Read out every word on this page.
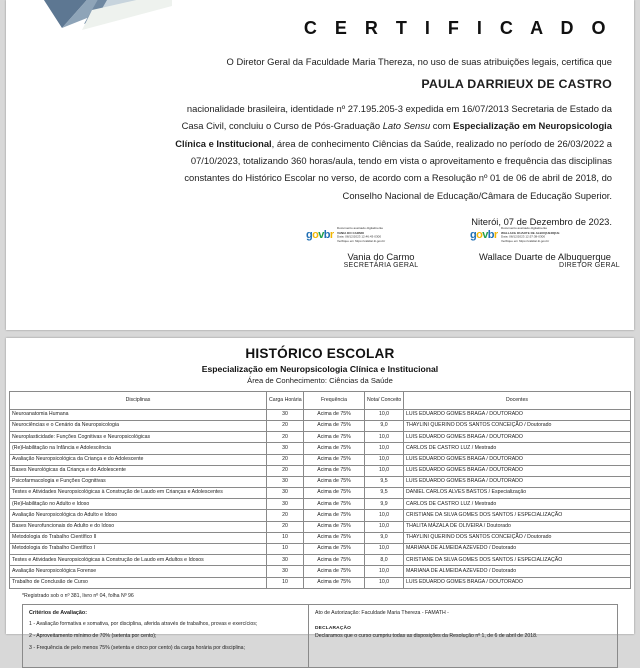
C E R T I F I C A D O
O Diretor Geral da Faculdade Maria Thereza, no uso de suas atribuições legais, certifica que
PAULA DARRIEUX DE CASTRO
nacionalidade brasileira, identidade nº 27.195.205-3 expedida em 16/07/2013 Secretaria de Estado da Casa Civil, concluiu o Curso de Pós-Graduação Lato Sensu com Especialização em Neuropsicologia Clínica e Institucional, área de conhecimento Ciências da Saúde, realizado no período de 26/03/2022 a 07/10/2023, totalizando 360 horas/aula, tendo em vista o aproveitamento e frequência das disciplinas constantes do Histórico Escolar no verso, de acordo com a Resolução nº 01 de 06 de abril de 2018, do Conselho Nacional de Educação/Câmara de Educação Superior.
Niterói, 07 de Dezembro de 2023.
govbr
Documento assinado digitalmente
VANIA DO CARMO
Data: 08/12/2023 12:46:43-0300
Verifique em https://validar.iti.gov.br
Vania do Carmo
SECRETÁRIA GERAL
govbr
Documento assinado digitalmente
WALLACE DUARTE DE ALBUQUERQUE
Data: 08/12/2023 12:57:38-0300
Verifique em https://validar.iti.gov.br
Wallace Duarte de Albuquerque
DIRETOR GERAL
HISTÓRICO ESCOLAR
Especialização em Neuropsicologia Clínica e Institucional
Área de Conhecimento: Ciências da Saúde
Disciplinas	Carga Horária	Frequência	Nota/ Conceito	Docentes
Neuroanatomia Humana	30	Acima de 75%	10,0	LUIS EDUARDO GOMES BRAGA / DOUTORADO
Neurociências e o Cenário da Neuropsicologia	20	Acima de 75%	9,0	THAYLINI QUERINO DOS SANTOS CONCEIÇÃO / Doutorado
Neuroplasticidade: Funções Cognitivas e Neuropsicológicas	20	Acima de 75%	10,0	LUIS EDUARDO GOMES BRAGA / DOUTORADO
(Re)Habilitação na Infância e Adolescência	30	Acima de 75%	10,0	CARLOS DE CASTRO LUZ / Mestrado
Avaliação Neuropsicológica da Criança e do Adolescente	20	Acima de 75%	10,0	LUIS EDUARDO GOMES BRAGA / DOUTORADO
Bases Neurológicas da Criança e do Adolescente	20	Acima de 75%	10,0	LUIS EDUARDO GOMES BRAGA / DOUTORADO
Psicofarmacologia e Funções Cognitivas	30	Acima de 75%	9,5	LUIS EDUARDO GOMES BRAGA / DOUTORADO
Testes e Atividades Neuropsicológicas à Construção de Laudo em Crianças e Adolescentes	30	Acima de 75%	9,5	DANIEL CARLOS ALVES BASTOS / Especialização
(Re)Habilitação no Adulto e Idoso	30	Acima de 75%	9,9	CARLOS DE CASTRO LUZ / Mestrado
Avaliação Neuropsicológica do Adulto e Idoso	20	Acima de 75%	10,0	CRISTIANE DA SILVA GOMES DOS SANTOS / ESPECIALIZAÇÃO
Bases Neurofuncionais do Adulto e do Idoso	20	Acima de 75%	10,0	THALITA MÁZALA DE OLIVEIRA / Doutorado
Metodologia do Trabalho Científico II	10	Acima de 75%	9,0	THAYLINI QUERINO DOS SANTOS CONCEIÇÃO / Doutorado
Metodologia do Trabalho Científico I	10	Acima de 75%	10,0	MARIANA DE ALMEIDA AZEVEDO / Doutorado
Testes e Atividades Neuropsicológicas à Construção de Laudo em Adultos e Idosos	30	Acima de 75%	8,0	CRISTIANE DA SILVA GOMES DOS SANTOS / ESPECIALIZAÇÃO
Avaliação Neuropsicológica Forense	30	Acima de 75%	10,0	MARIANA DE ALMEIDA AZEVEDO / Doutorado
Trabalho de Conclusão de Curso	10	Acima de 75%	10,0	LUIS EDUARDO GOMES BRAGA / DOUTORADO
*Registrado sob o nº 381, livro nº 04, folha Nº 96
Critérios de Avaliação:
1 - Avaliação formativa e somativa, por disciplina, aferida através de trabalhos, provas e exercícios;
2 - Aproveitamento mínimo de 70% (setenta por cento);
3 - Frequência de pelo menos 75% (setenta e cinco por cento) da carga horária por disciplina;
Ato de Autorização: Faculdade Maria Thereza - FAMATH -
DECLARAÇÃO
Declaramos que o curso cumpriu todas as disposições da Resolução nº 1, de 6 de abril de 2018.
